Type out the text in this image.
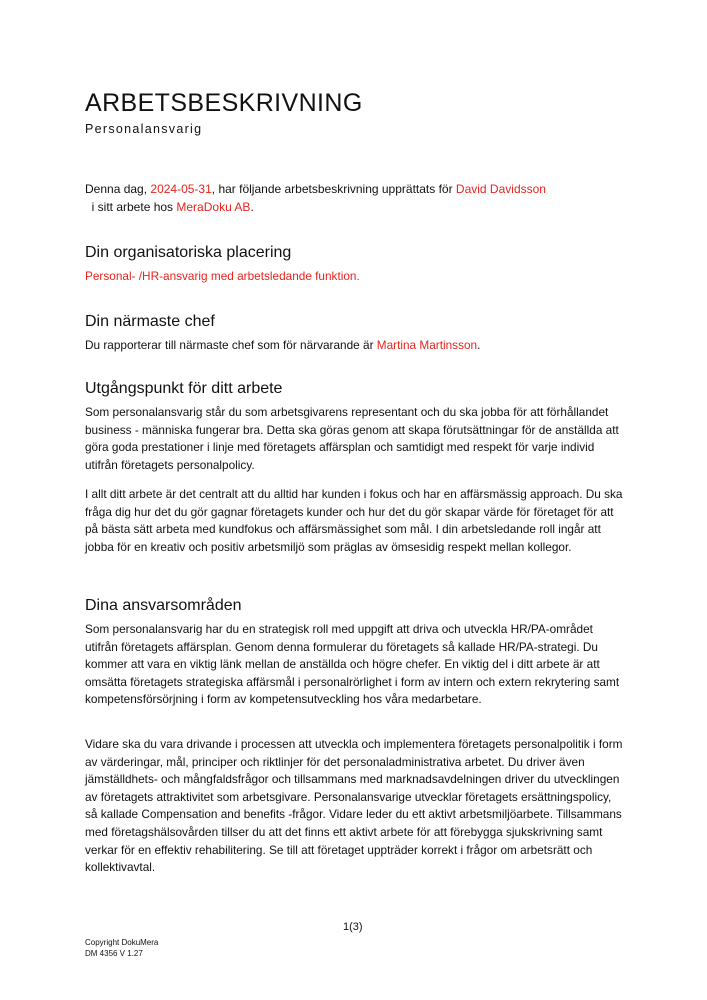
ARBETSBESKRIVNING
Personalansvarig
Denna dag, 2024-05-31, har följande arbetsbeskrivning upprättats för David Davidsson  i sitt arbete hos MeraDoku AB.
Din organisatoriska placering

Personal- /HR-ansvarig med arbetsledande funktion.

Din närmaste chef

Du rapporterar till närmaste chef som för närvarande är Martina Martinsson.

Utgångspunkt för ditt arbete

Som personalansvarig står du som arbetsgivarens representant och du ska jobba för att förhållandet business - människa fungerar bra. Detta ska göras genom att skapa förutsättningar för de anställda att göra goda prestationer i linje med företagets affärsplan och samtidigt med respekt för varje individ utifrån företagets personalpolicy.

I allt ditt arbete är det centralt att du alltid har kunden i fokus och har en affärsmässig approach. Du ska fråga dig hur det du gör gagnar företagets kunder och hur det du gör skapar värde för företaget för att på bästa sätt arbeta med kundfokus och affärsmässighet som mål. I din arbetsledande roll ingår att jobba för en kreativ och positiv arbetsmiljö som präglas av ömsesidig respekt mellan kollegor.

Dina ansvarsområden

Som personalansvarig har du en strategisk roll med uppgift att driva och utveckla HR/PA-området utifrån företagets affärsplan. Genom denna formulerar du företagets så kallade HR/PA-strategi. Du kommer att vara en viktig länk mellan de anställda och högre chefer. En viktig del i ditt arbete är att omsätta företagets strategiska affärsmål i personalrörlighet i form av intern och extern rekrytering samt kompetensförsörjning i form av kompetensutveckling hos våra medarbetare.

Vidare ska du vara drivande i processen att utveckla och implementera företagets personalpolitik i form av värderingar, mål, principer och riktlinjer för det personaladministrativa arbetet. Du driver även jämställdhets- och mångfaldsfrågor och tillsammans med marknadsavdelningen driver du utvecklingen av företagets attraktivitet som arbetsgivare. Personalansvarige utvecklar företagets ersättningspolicy, så kallade Compensation and benefits -frågor. Vidare leder du ett aktivt arbetsmiljöarbete. Tillsammans med företagshälsovården tillser du att det finns ett aktivt arbete för att förebygga sjukskrivning samt verkar för en effektiv rehabilitering. Se till att företaget uppträder korrekt i frågor om arbetsrätt och kollektivavtal.

1(3)
Copyright DokuMera
DM 4356 V 1.27
